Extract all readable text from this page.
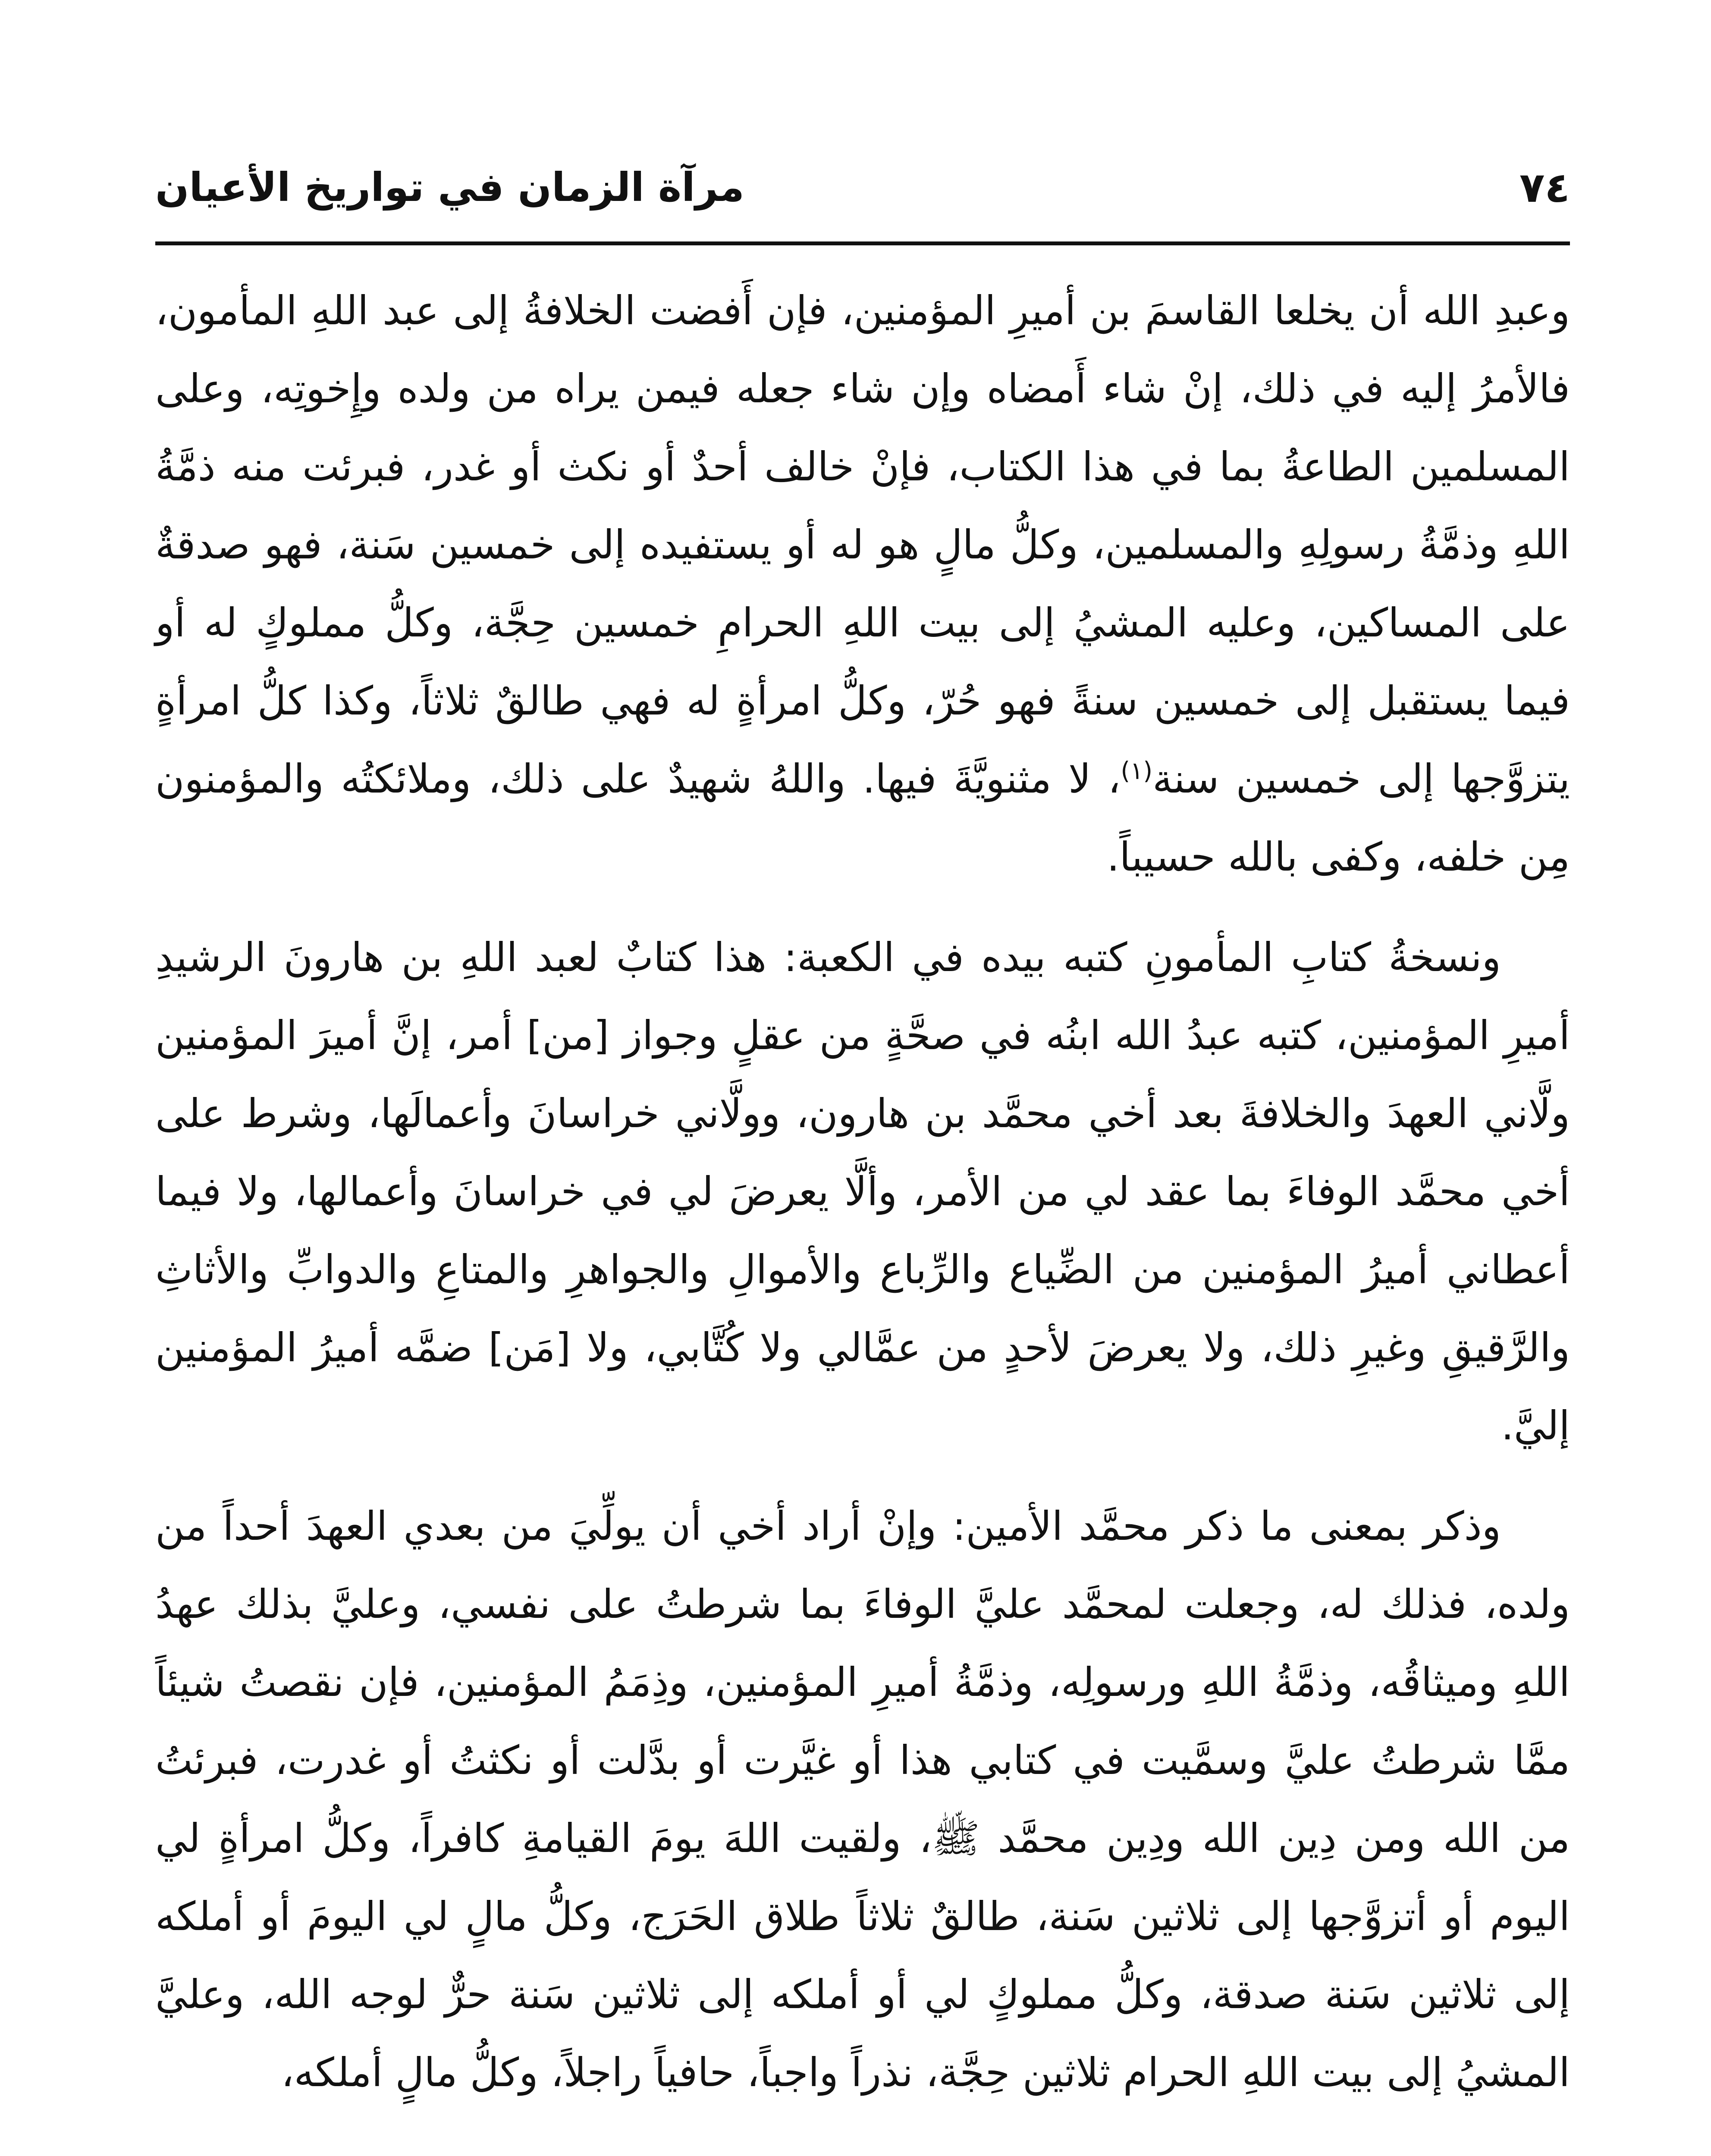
٧٤
مرآة الزمان في تواريخ الأعيان

وعبدِ الله أن يخلعا القاسمَ بن أميرِ المؤمنين، فإن أَفضت الخلافةُ إلى عبد اللهِ المأمون، فالأمرُ إليه في ذلك، إنْ شاء أَمضاه وإن شاء جعله فيمن يراه من ولده وإِخوتِه، وعلى المسلمين الطاعةُ بما في هذا الكتاب، فإنْ خالف أحدٌ أو نكث أو غدر، فبرئت منه ذمَّةُ اللهِ وذمَّةُ رسولِهِ والمسلمين، وكلُّ مالٍ هو له أو يستفيده إلى خمسين سَنة، فهو صدقةٌ على المساكين، وعليه المشيُ إلى بيت اللهِ الحرامِ خمسين حِجَّة، وكلُّ مملوكٍ له أو فيما يستقبل إلى خمسين سنةً فهو حُرّ، وكلُّ امرأةٍ له فهي طالقٌ ثلاثاً، وكذا كلُّ امرأةٍ يتزوَّجها إلى خمسين سنة$^{(١)}$، لا مثنويَّةَ فيها. واللهُ شهيدٌ على ذلك، وملائكتُه والمؤمنون مِن خلفه، وكفى بالله حسيباً.

ونسخةُ كتابِ المأمونِ كتبه بيده في الكعبة: هذا كتابٌ لعبد اللهِ بن هارونَ الرشيدِ أميرِ المؤمنين، كتبه عبدُ الله ابنُه في صحَّةٍ من عقلٍ وجواز [من] أمر، إنَّ أميرَ المؤمنين ولَّاني العهدَ والخلافةَ بعد أخي محمَّد بن هارون، وولَّاني خراسانَ وأعمالَها، وشرط على أخي محمَّد الوفاءَ بما عقد لي من الأمر، وألَّا يعرضَ لي في خراسانَ وأعمالها، ولا فيما أعطاني أميرُ المؤمنين من الضِّياع والرِّباع والأموالِ والجواهرِ والمتاعِ والدوابِّ والأثاثِ والرَّقيقِ وغيرِ ذلك، ولا يعرضَ لأحدٍ من عمَّالي ولا كُتَّابي، ولا [مَن] ضمَّه أميرُ المؤمنين إليَّ.

وذكر بمعنى ما ذكر محمَّد الأمين: وإنْ أراد أخي أن يولِّيَ من بعدي العهدَ أحداً من ولده، فذلك له، وجعلت لمحمَّد عليَّ الوفاءَ بما شرطتُ على نفسي، وعليَّ بذلك عهدُ اللهِ وميثاقُه، وذمَّةُ اللهِ ورسولِه، وذمَّةُ أميرِ المؤمنين، وذِمَمُ المؤمنين، فإن نقصتُ شيئاً ممَّا شرطتُ عليَّ وسمَّيت في كتابي هذا أو غيَّرت أو بدَّلت أو نكثتُ أو غدرت، فبرئتُ من الله ومن دِين الله ودِين محمَّد ﷺ، ولقيت اللهَ يومَ القيامةِ كافراً، وكلُّ امرأةٍ لي اليوم أو أتزوَّجها إلى ثلاثين سَنة، طالقٌ ثلاثاً طلاق الحَرَج، وكلُّ مالٍ لي اليومَ أو أملكه إلى ثلاثين سَنة صدقة، وكلُّ مملوكٍ لي أو أملكه إلى ثلاثين سَنة حرٌّ لوجه الله، وعليَّ المشيُ إلى بيت اللهِ الحرام ثلاثين حِجَّة، نذراً واجباً، حافياً راجلاً، وكلُّ مالٍ أملكه،
